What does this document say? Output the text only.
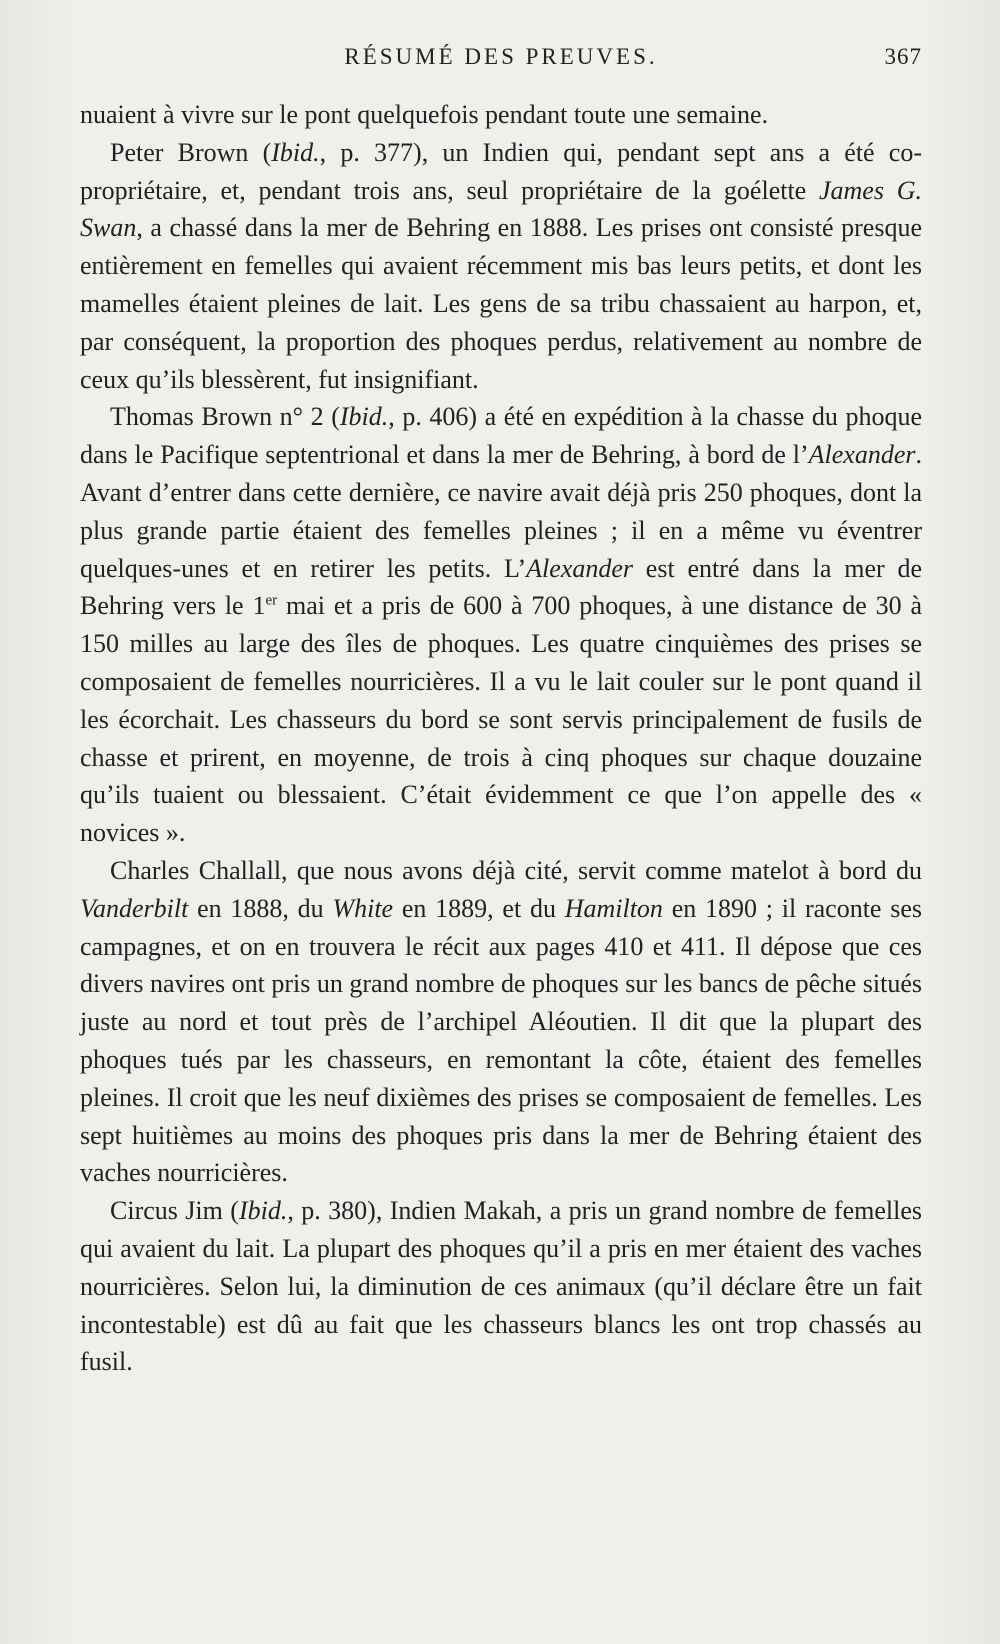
RÉSUMÉ DES PREUVES.	367

nuaient à vivre sur le pont quelquefois pendant toute une semaine.

Peter Brown (Ibid., p. 377), un Indien qui, pendant sept ans a été co-propriétaire, et, pendant trois ans, seul propriétaire de la goélette James G. Swan, a chassé dans la mer de Behring en 1888. Les prises ont consisté presque entièrement en femelles qui avaient récemment mis bas leurs petits, et dont les mamelles étaient pleines de lait. Les gens de sa tribu chassaient au harpon, et, par conséquent, la proportion des phoques perdus, relativement au nombre de ceux qu’ils blessèrent, fut insignifiant.

Thomas Brown n° 2 (Ibid., p. 406) a été en expédition à la chasse du phoque dans le Pacifique septentrional et dans la mer de Behring, à bord de l’Alexander. Avant d’entrer dans cette dernière, ce navire avait déjà pris 250 phoques, dont la plus grande partie étaient des femelles pleines ; il en a même vu éventrer quelques-unes et en retirer les petits. L’Alexander est entré dans la mer de Behring vers le 1er mai et a pris de 600 à 700 phoques, à une distance de 30 à 150 milles au large des îles de phoques. Les quatre cinquièmes des prises se composaient de femelles nourricières. Il a vu le lait couler sur le pont quand il les écorchait. Les chasseurs du bord se sont servis principalement de fusils de chasse et prirent, en moyenne, de trois à cinq phoques sur chaque douzaine qu’ils tuaient ou blessaient. C’était évidemment ce que l’on appelle des « novices ».

Charles Challall, que nous avons déjà cité, servit comme matelot à bord du Vanderbilt en 1888, du White en 1889, et du Hamilton en 1890 ; il raconte ses campagnes, et on en trouvera le récit aux pages 410 et 411. Il dépose que ces divers navires ont pris un grand nombre de phoques sur les bancs de pêche situés juste au nord et tout près de l’archipel Aléoutien. Il dit que la plupart des phoques tués par les chasseurs, en remontant la côte, étaient des femelles pleines. Il croit que les neuf dixièmes des prises se composaient de femelles. Les sept huitièmes au moins des phoques pris dans la mer de Behring étaient des vaches nourricières.

Circus Jim (Ibid., p. 380), Indien Makah, a pris un grand nombre de femelles qui avaient du lait. La plupart des phoques qu’il a pris en mer étaient des vaches nourricières. Selon lui, la diminution de ces animaux (qu’il déclare être un fait incontestable) est dû au fait que les chasseurs blancs les ont trop chassés au fusil.
